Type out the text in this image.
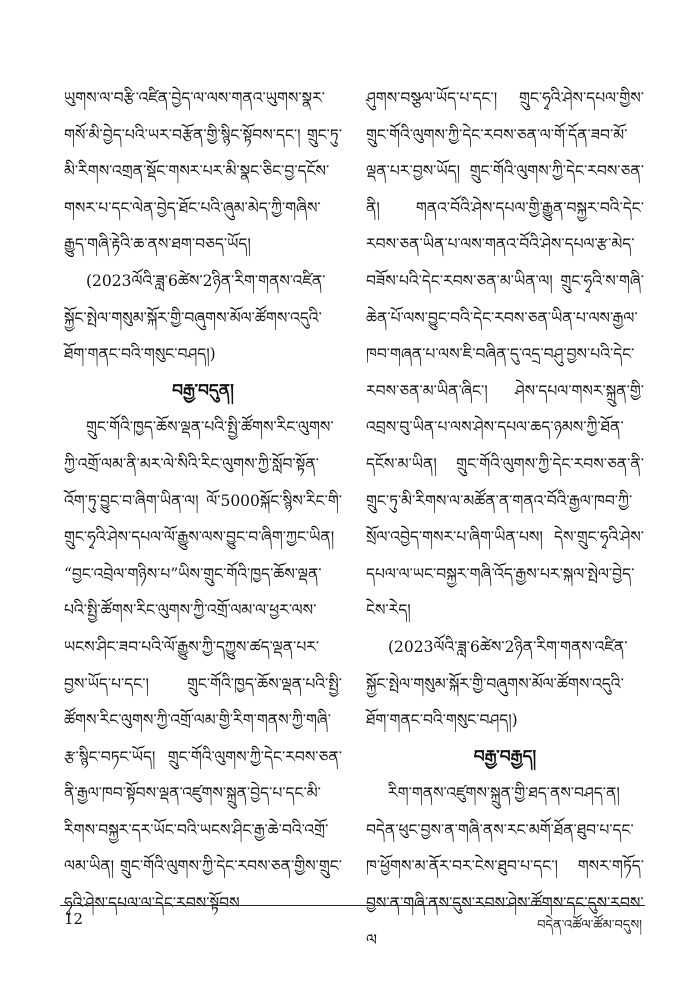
ཡུགས་ལ་བརྩི་འཛིན་བྱེད་ལ་ལས་གནའ་ཡུགས་སྣར་གསོ་མི་བྱེད་པའི་ཡར་བརྩོན་གྱི་སྙིང་སྟོབས་དང་། གྲུང་ཏུ་མི་རིགས་འགྲན་སྡོང་གསར་པར་མི་སྣང་ཅིང་བྱ་དངོས་གསར་པ་དང་ལེན་བྱེད་ཐོང་པའི་ཞུམ་མེད་ཀྱི་གཞིས་རྒྱུད་གཞི་རྟེའི་ཆ་ནས་ཐག་བཅད་ཡོད།

(2023ལོའི་ཟླ་6ཚེས་2ཉིན་རིག་གནས་འཛིན་སྐྱོང་སྤེལ་གསུམ་སྐོར་གྱི་བཞུགས་མོལ་ཚོགས་འདུའི་ཐོག་གནང་བའི་གསུང་བཤད།)

བརྒྱ་བདུན།

གྲུང་གོའི་ཁྱད་ཆོས་ལྡན་པའི་སྤྱི་ཚོགས་རིང་ལུགས་ཀྱི་འགྲོ་ལམ་ནི་མར་ལེ་སིའི་རིང་ལུགས་ཀྱི་སློབ་སྟོན་འོག་ཏུ་བྱུང་བ་ཞིག་ཡིན་ལ། ལོ་5000སྐོང་སྙིས་རིང་གི་གྲུང་ཧྭའི་ཤེས་དཔལ་ལོ་རྒྱུས་ལས་བྱུང་བ་ཞིག་ཀྱང་ཡིན། “བྱང་འབྲེལ་གཉིས་པ”ཡིས་གྲུང་གོའི་ཁྱད་ཆོས་ལྡན་པའི་སྤྱི་ཚོགས་རིང་ལུགས་ཀྱི་འགྲོ་ལམ་ལ་ཕྱར་ལས་ཡངས་ཤིང་ཟབ་པའི་ལོ་རྒྱུས་ཀྱི་དཀྱུས་ཚད་ལྡན་པར་བྱས་ཡོད་པ་དང་། གྲུང་གོའི་ཁྱད་ཆོས་ལྡན་པའི་སྤྱི་ཚོགས་རིང་ལུགས་ཀྱི་འགྲོ་ལམ་གྱི་རིག་གནས་ཀྱི་གཞི་རྩ་སྙིང་བཏང་ཡོད། གྲུང་གོའི་ལུགས་ཀྱི་དེང་རབས་ཅན་ནི་རྒྱལ་ཁབ་སྟོབས་ལྡན་འཛུགས་སྐྲུན་བྱེད་པ་དང་མི་རིགས་བསྐྱར་དར་ཡོང་བའི་ཡངས་ཤིང་རྒྱ་ཆེ་བའི་འགྲོ་ལམ་ཡིན། གྲུང་གོའི་ལུགས་ཀྱི་དེང་རབས་ཅན་གྱིས་གྲུང་ཧྭའི་ཤེས་དཔལ་ལ་དེང་རབས་སྟོབས

ཤུགས་བསྩལ་ཡོད་པ་དང་། གྲུང་ཧྭའི་ཤེས་དཔལ་གྱིས་གྲུང་གོའི་ལུགས་ཀྱི་དེང་རབས་ཅན་ལ་གོ་དོན་ཟབ་མོ་ལྡན་པར་བྱས་ཡོད། གྲུང་གོའི་ལུགས་ཀྱི་དེང་རབས་ཅན་ནི། གནའ་བོའི་ཤེས་དཔལ་གྱི་རྒྱུན་བསྐྱར་བའི་དེང་རབས་ཅན་ཡིན་པ་ལས་གནའ་བོའི་ཤེས་དཔལ་རྩ་མེད་བཟོས་པའི་དེང་རབས་ཅན་མ་ཡིན་ལ། གྲུང་ཧྭའི་ས་གཞི་ཆེན་པོ་ལས་བྱུང་བའི་དེང་རབས་ཅན་ཡིན་པ་ལས་རྒྱལ་ཁབ་གཞན་པ་ལས་ཇི་བཞིན་དུ་འདྲ་བཤུ་བྱས་པའི་དེང་རབས་ཅན་མ་ཡིན་ཞིང་། ཤེས་དཔལ་གསར་སྐྲུན་གྱི་འབྲས་བུ་ཡིན་པ་ལས་ཤེས་དཔལ་ཆད་ཉམས་ཀྱི་ཐོན་དངོས་མ་ཡིན། གྲུང་གོའི་ལུགས་ཀྱི་དེང་རབས་ཅན་ནི་གྲུང་ཏུ་མི་རིགས་ལ་མཚོན་ན་གནའ་བོའི་རྒྱལ་ཁབ་ཀྱི་སྲོལ་འབྱེད་གསར་པ་ཞིག་ཡིན་པས། དེས་གྲུང་ཧྭའི་ཤེས་དཔལ་ལ་ཡང་བསྐྱར་གཞི་འོད་རྒྱས་པར་སྐལ་སྤེལ་བྱེད་ངེས་རེད།

(2023ལོའི་ཟླ་6ཚེས་2ཉིན་རིག་གནས་འཛིན་སྐྱོང་སྤེལ་གསུམ་སྐོར་གྱི་བཞུགས་མོལ་ཚོགས་འདུའི་ཐོག་གནང་བའི་གསུང་བཤད།)

བརྒྱ་བརྒྱད།

རིག་གནས་འཛུགས་སྐྲུན་གྱི་ཐད་ནས་བཤད་ན། བདེན་ཕུང་བྱས་ན་གཞི་ནས་རང་མགོ་ཐོན་ཐུབ་པ་དང་ཁ་ཕྱོགས་མ་ནོར་བར་ངེས་ཐུབ་པ་དང་། གསར་གཏོད་བྱས་ན་གཞི་ནས་དུས་རབས་ཤེས་ཚོགས་དང་དུས་རབས་ལ

12	བདེན་འཚོལ་ཚོམ་བདུས།
